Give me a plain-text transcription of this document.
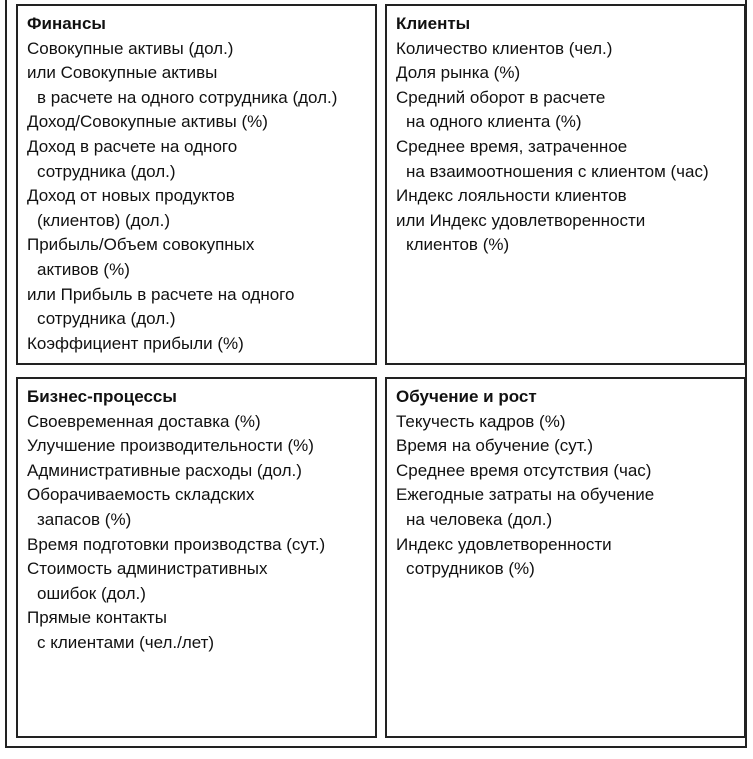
Финансы
Совокупные активы (дол.)
или Совокупные активы
в расчете на одного сотрудника (дол.)
Доход/Совокупные активы (%)
Доход в расчете на одного
сотрудника (дол.)
Доход от новых продуктов
(клиентов) (дол.)
Прибыль/Объем совокупных
активов (%)
или Прибыль в расчете на одного
сотрудника (дол.)
Коэффициент прибыли (%)
Клиенты
Количество клиентов (чел.)
Доля рынка (%)
Средний оборот в расчете
на одного клиента (%)
Среднее время, затраченное
на взаимоотношения с клиентом (час)
Индекс лояльности клиентов
или Индекс удовлетворенности
клиентов (%)
Бизнес-процессы
Своевременная доставка (%)
Улучшение производительности (%)
Административные расходы (дол.)
Оборачиваемость складских
запасов (%)
Время подготовки производства (сут.)
Стоимость административных
ошибок (дол.)
Прямые контакты
с клиентами (чел./лет)
Обучение и рост
Текучесть кадров (%)
Время на обучение (сут.)
Среднее время отсутствия (час)
Ежегодные затраты на обучение
на человека (дол.)
Индекс удовлетворенности
сотрудников (%)
